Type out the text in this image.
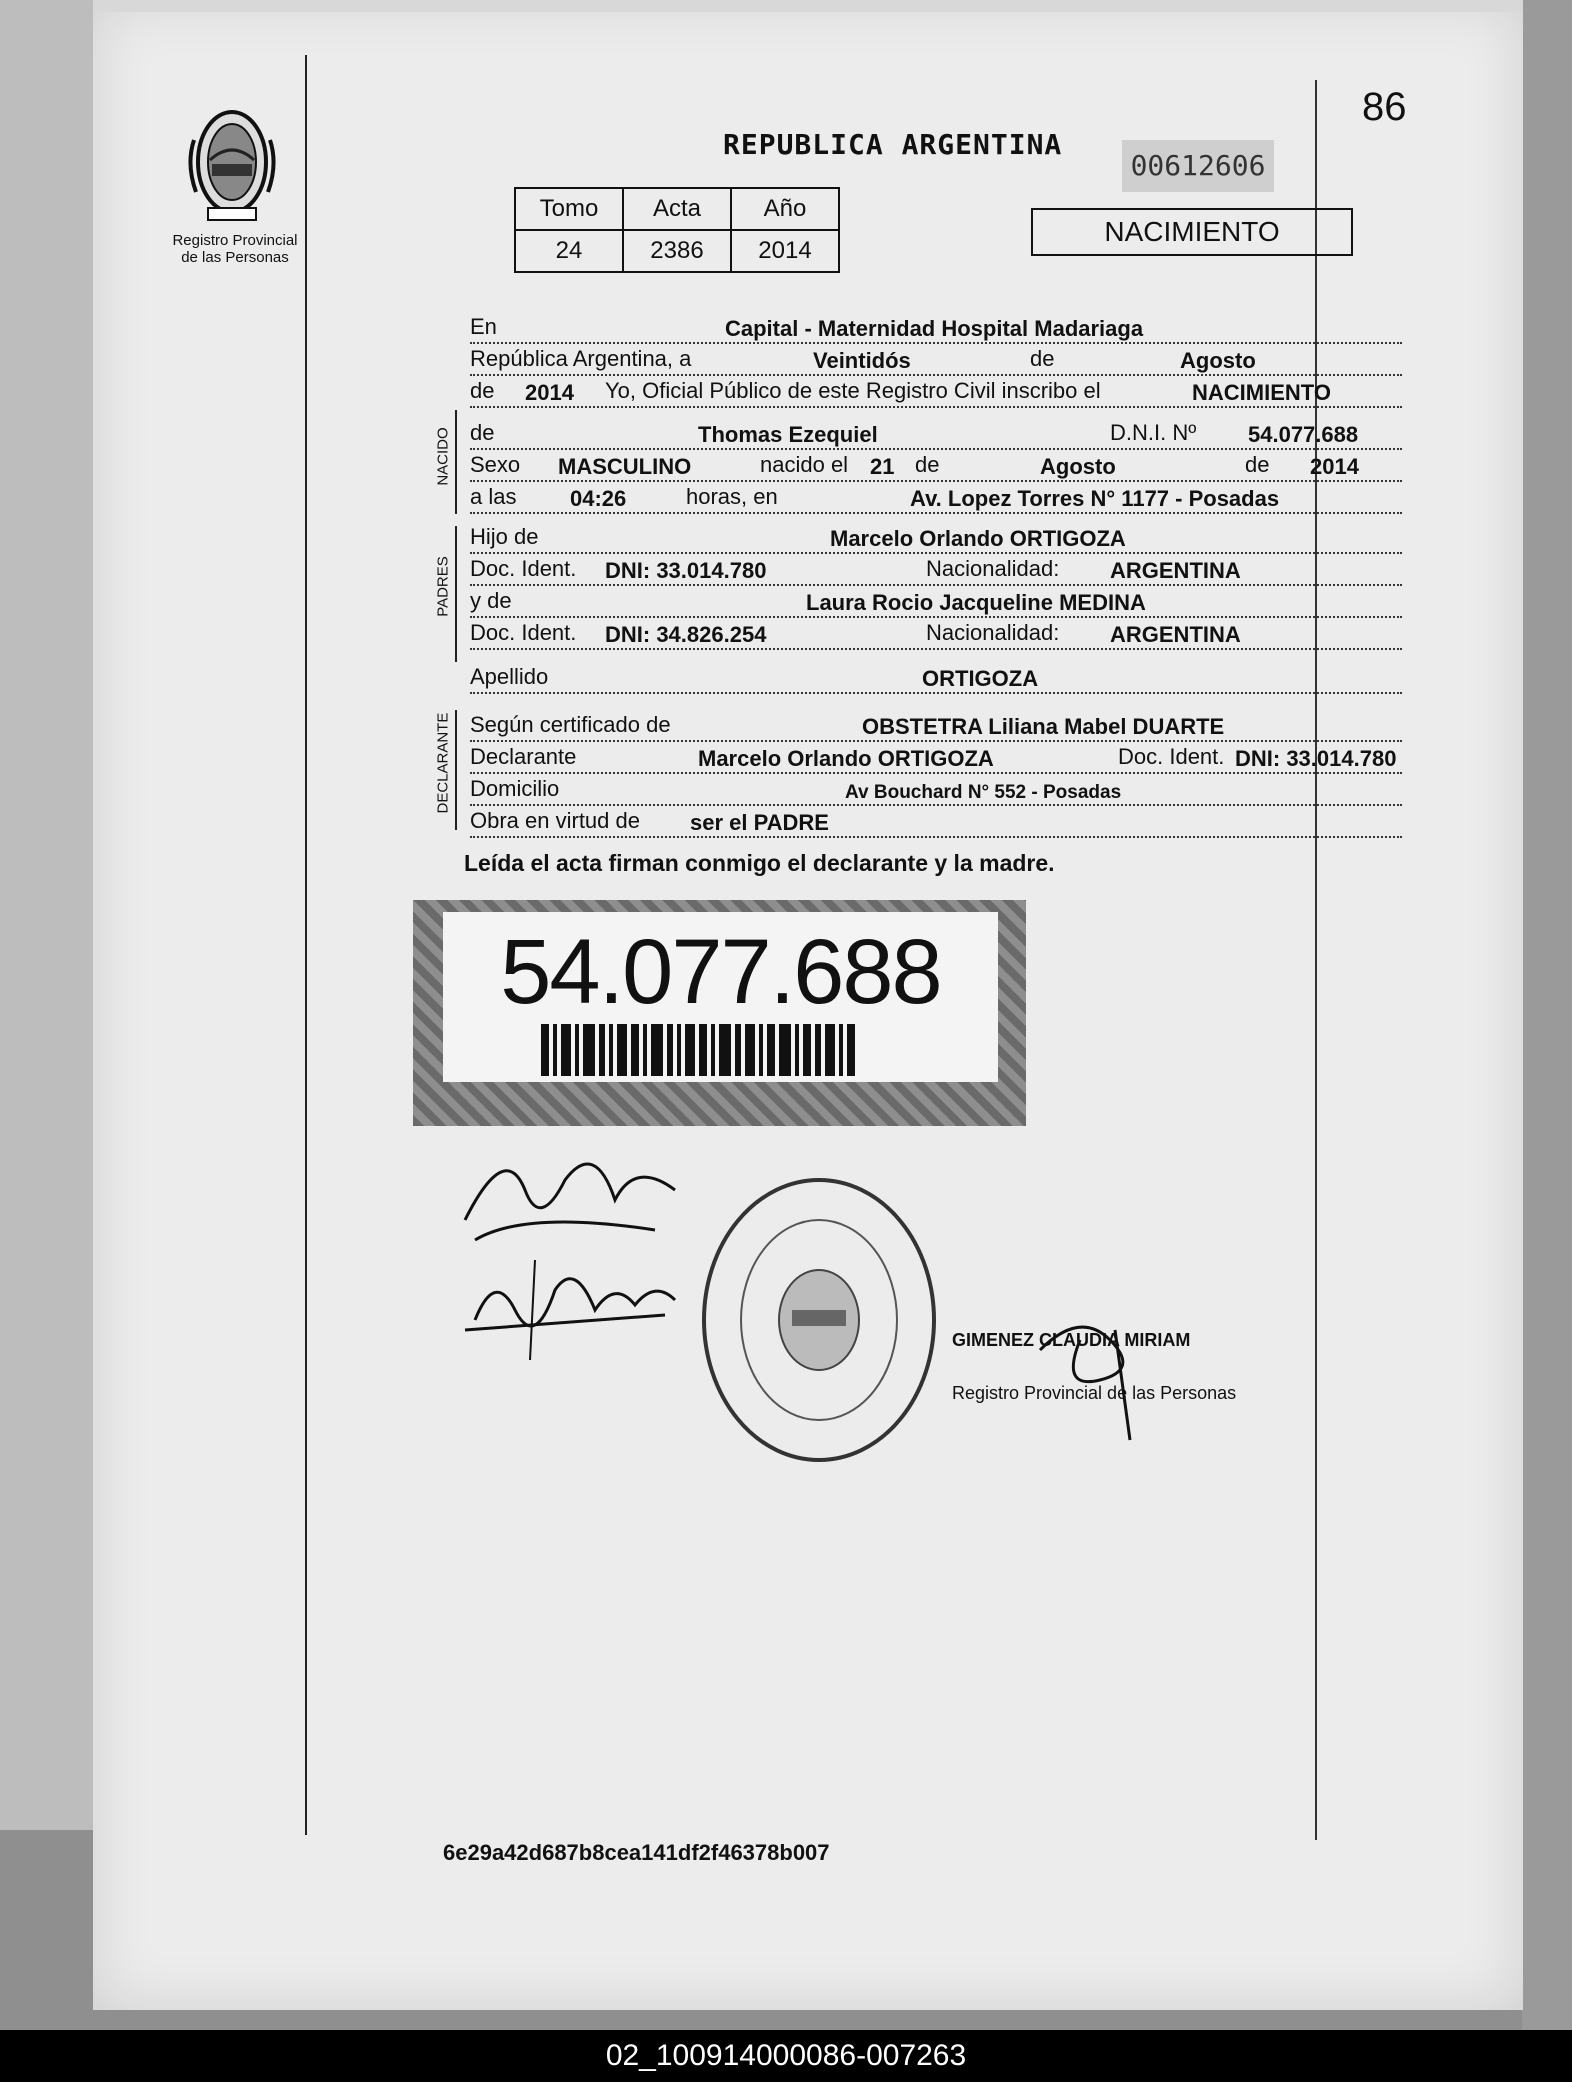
Registro Provincial
de las Personas
REPUBLICA ARGENTINA
00612606
86
Tomo	Acta	Año
24	2386	2014
NACIMIENTO
En	Capital - Maternidad Hospital Madariaga
República Argentina, a	Veintidós	de	Agosto
de 2014 Yo, Oficial Público de este Registro Civil inscribo el	NACIMIENTO
NACIDO de	Thomas Ezequiel	D.N.I. Nº 54.077.688
Sexo MASCULINO	nacido el 21 de	Agosto	de 2014
a las 04:26	horas, en	Av. Lopez Torres N° 1177 - Posadas
PADRES
Hijo de	Marcelo Orlando ORTIGOZA
Doc. Ident. DNI: 33.014.780	Nacionalidad: ARGENTINA
y de	Laura Rocio Jacqueline MEDINA
Doc. Ident. DNI: 34.826.254	Nacionalidad: ARGENTINA
Apellido	ORTIGOZA
DECLARANTE Según certificado de	OBSTETRA Liliana Mabel DUARTE
Declarante	Marcelo Orlando ORTIGOZA	Doc. Ident. DNI: 33.014.780
Domicilio	Av Bouchard N° 552 - Posadas
Obra en virtud de ser el PADRE
Leída el acta firman conmigo el declarante y la madre.
54.077.688
GIMENEZ CLAUDIA MIRIAM
Registro Provincial de las Personas
6e29a42d687b8cea141df2f46378b007
02_100914000086-007263
